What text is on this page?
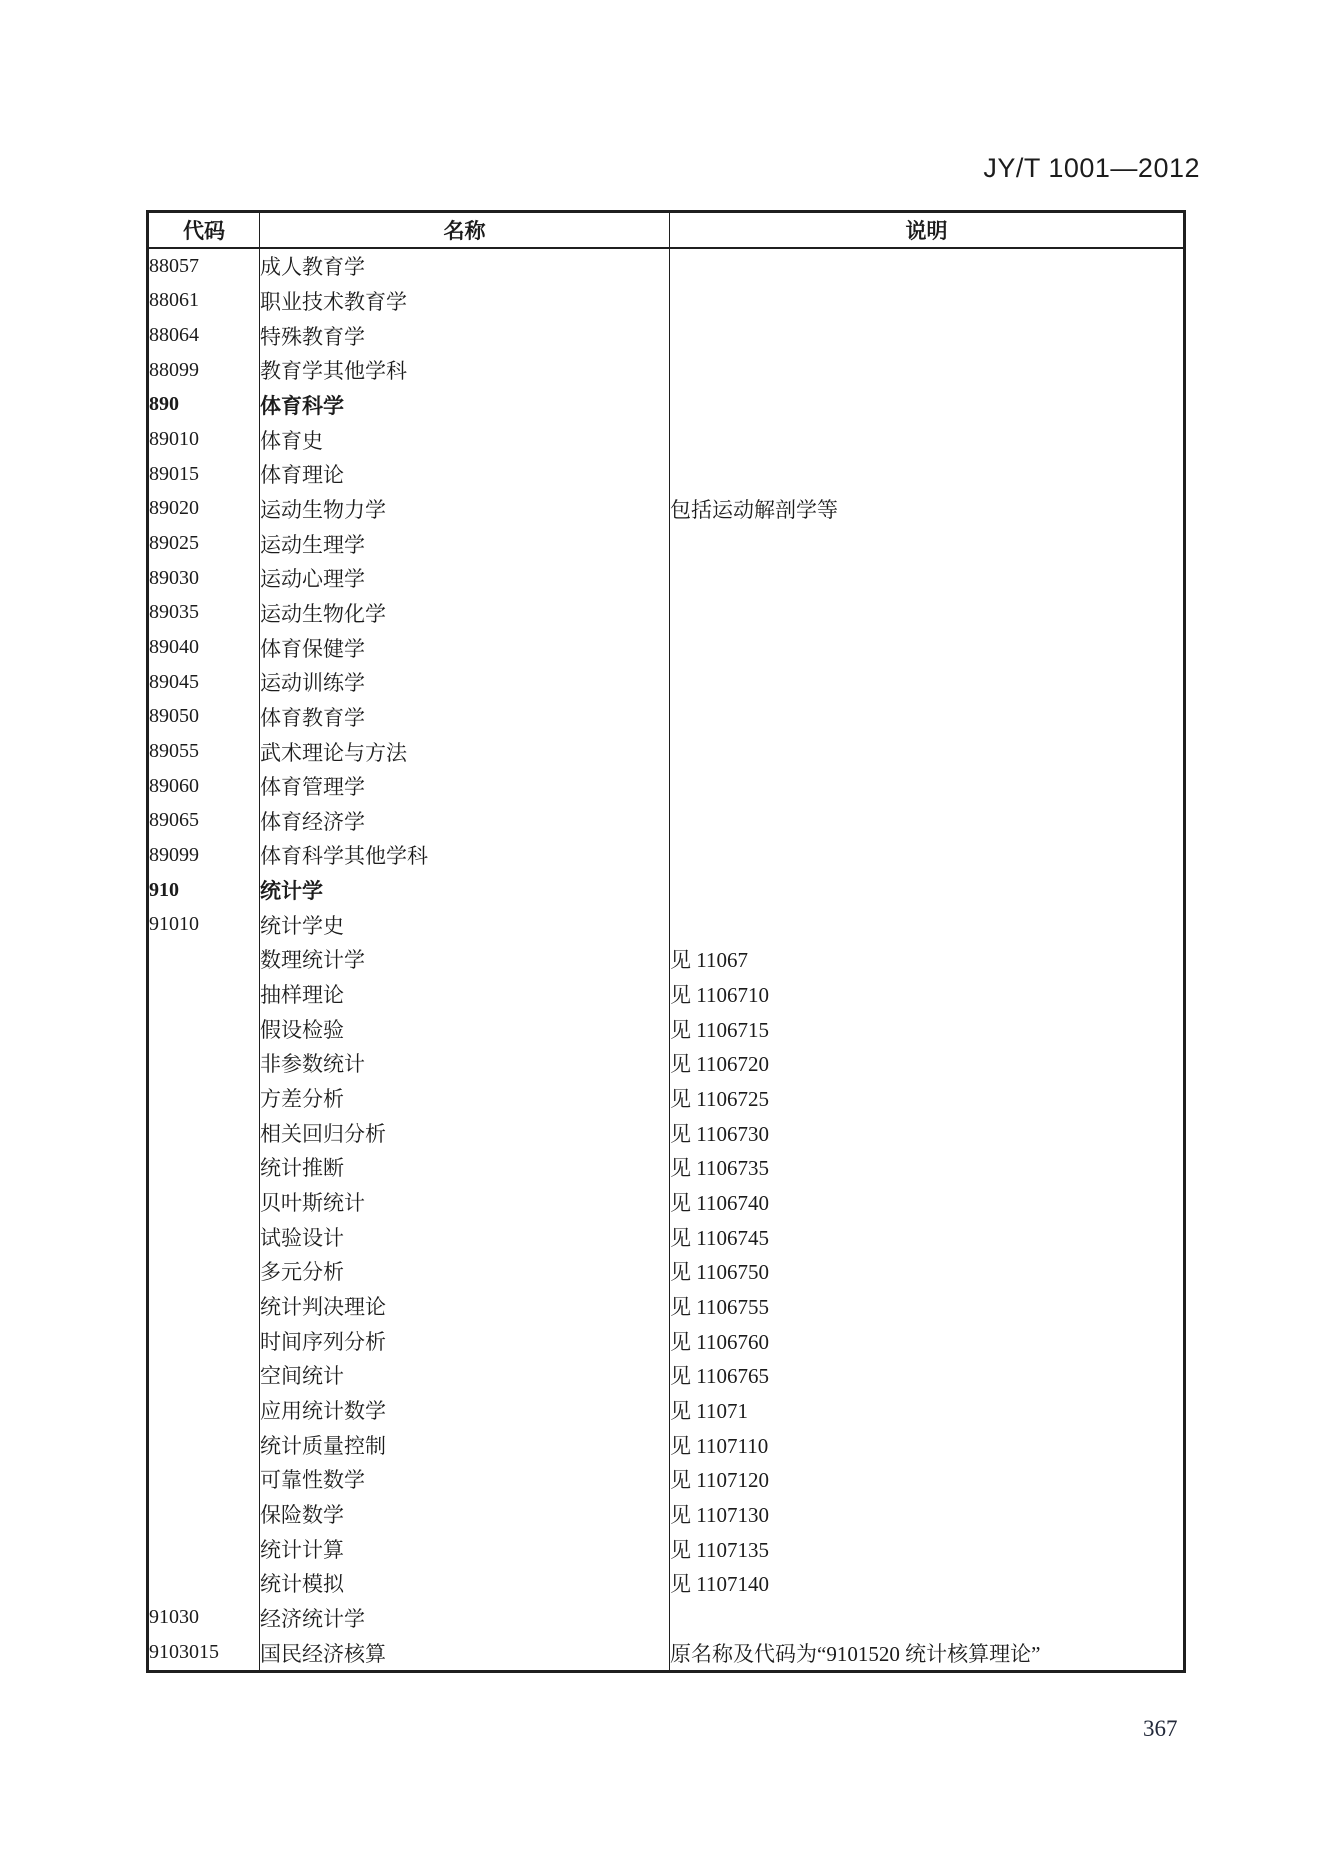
JY/T 1001—2012
代码	名称	说明
88057	成人教育学	
88061	职业技术教育学	
88064	特殊教育学	
88099	教育学其他学科	
890	体育科学	
89010	体育史	
89015	体育理论	
89020	运动生物力学	包括运动解剖学等
89025	运动生理学	
89030	运动心理学	
89035	运动生物化学	
89040	体育保健学	
89045	运动训练学	
89050	体育教育学	
89055	武术理论与方法	
89060	体育管理学	
89065	体育经济学	
89099	体育科学其他学科	
910	统计学	
91010	统计学史	
	数理统计学	见 11067
	抽样理论	见 1106710
	假设检验	见 1106715
	非参数统计	见 1106720
	方差分析	见 1106725
	相关回归分析	见 1106730
	统计推断	见 1106735
	贝叶斯统计	见 1106740
	试验设计	见 1106745
	多元分析	见 1106750
	统计判决理论	见 1106755
	时间序列分析	见 1106760
	空间统计	见 1106765
	应用统计数学	见 11071
	统计质量控制	见 1107110
	可靠性数学	见 1107120
	保险数学	见 1107130
	统计计算	见 1107135
	统计模拟	见 1107140
91030	经济统计学	
9103015	国民经济核算	原名称及代码为“9101520 统计核算理论”
367
